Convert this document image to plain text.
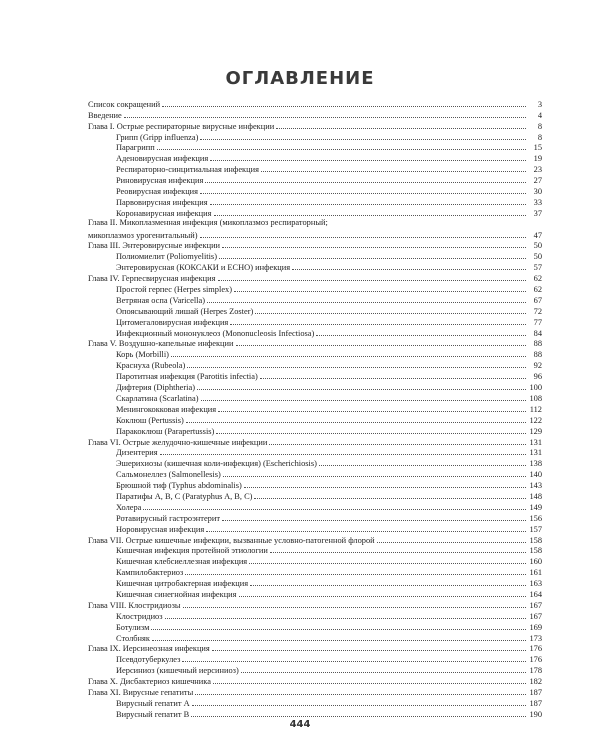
ОГЛАВЛЕНИЕ
Список сокращений	3
Введение	4
Глава I. Острые респираторные вирусные инфекции	8
Грипп (Gripp influenza)	8
Парагрипп	15
Аденовирусная инфекция	19
Респираторно-синцитиальная инфекция	23
Риновирусная инфекция	27
Реовирусная инфекция	30
Парвовирусная инфекция	33
Коронавирусная инфекция	37
Глава II. Микоплазменная инфекция (микоплазмоз респираторный;
микоплазмоз урогенитальный)	47
Глава III. Энтеровирусные инфекции	50
Полиомиелит (Poliomyelitis)	50
Энтеровирусная (КОКСАКИ и ECHO) инфекция	57
Глава IV. Герпесвирусная инфекция	62
Простой герпес (Herpes simplex)	62
Ветряная оспа (Varicella)	67
Опоясывающий лишай (Herpes Zoster)	72
Цитомегаловирусная инфекция	77
Инфекционный мононуклеоз (Mononucleosis Infectiosa)	84
Глава V. Воздушно-капельные инфекции	88
Корь (Morbilli)	88
Краснуха (Rubeola)	92
Паротитная инфекция (Parotitis infectia)	96
Дифтерия (Diphtheria)	100
Скарлатина (Scarlatina)	108
Менингококковая инфекция	112
Коклюш (Pertussis)	122
Паракоклюш (Parapertussis)	129
Глава VI. Острые желудочно-кишечные инфекции	131
Дизентерия	131
Эшерихиозы (кишечная коли-инфекция) (Escherichiosis)	138
Сальмонеллез (Salmonellesis)	140
Брюшной тиф (Typhus abdominalis)	143
Паратифы А, В, С (Paratyphus A, B, C)	148
Холера	149
Ротавирусный гастроэнтерит	156
Норовирусная инфекция	157
Глава VII. Острые кишечные инфекции, вызванные условно-патогенной флорой	158
Кишечная инфекция протейной этиологии	158
Кишечная клебсиеллезная инфекция	160
Кампилобактериоз	161
Кишечная цитробактерная инфекция	163
Кишечная синегнойная инфекция	164
Глава VIII. Клостридиозы	167
Клостридиоз	167
Ботулизм	169
Столбняк	173
Глава IX. Иерсинеозная инфекция	176
Псевдотуберкулез	176
Иерсиниоз (кишечный иерсиниоз)	178
Глава X. Дисбактериоз кишечника	182
Глава XI. Вирусные гепатиты	187
Вирусный гепатит А	187
Вирусный гепатит В	190
444
